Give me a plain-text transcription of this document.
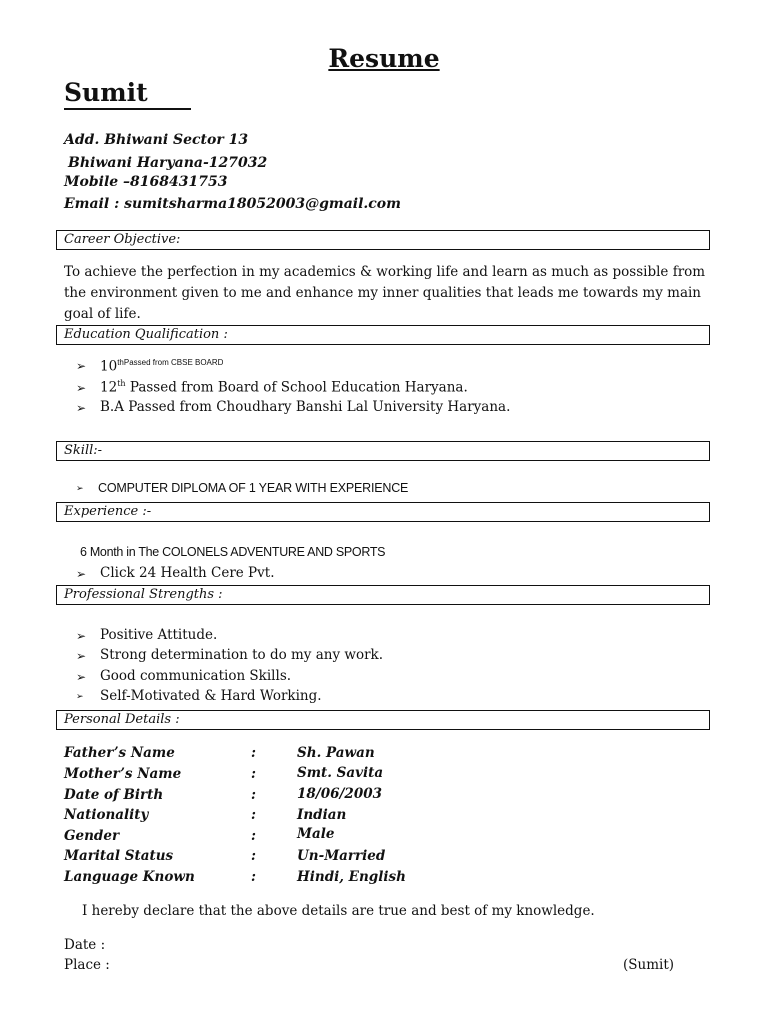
Resume
Sumit
Add. Bhiwani Sector 13
Bhiwani Haryana-127032
Mobile –8168431753
Email : sumitsharma18052003@gmail.com
Career Objective:
To achieve the perfection in my academics & working life and learn as much as possible from the environment given to me and enhance my inner qualities that leads me towards my main goal of life.
Education Qualification :
➢ $10^{thPassed from CBSE BOARD}$
➢ 12th Passed from Board of School Education Haryana.
➢ B.A Passed from Choudhary Banshi Lal University Haryana.
Skill:-
➢ COMPUTER DIPLOMA OF 1 YEAR WITH EXPERIENCE
Experience :-
6 Month in The COLONELS ADVENTURE AND SPORTS
➢ Click 24 Health Cere Pvt.
Professional Strengths :
➢ Positive Attitude.
➢ Strong determination to do my any work.
➢ Good communication Skills.
➢ Self-Motivated & Hard Working.
Personal Details :
Father’s Name	:	Sh. Pawan
Mother’s Name	:	Smt. Savita
Date of Birth	:	18/06/2003
Nationality	:	Indian
Gender	:	Male
Marital Status	:	Un-Married
Language Known	:	Hindi, English
I hereby declare that the above details are true and best of my knowledge.
Date :
Place :	(Sumit)
